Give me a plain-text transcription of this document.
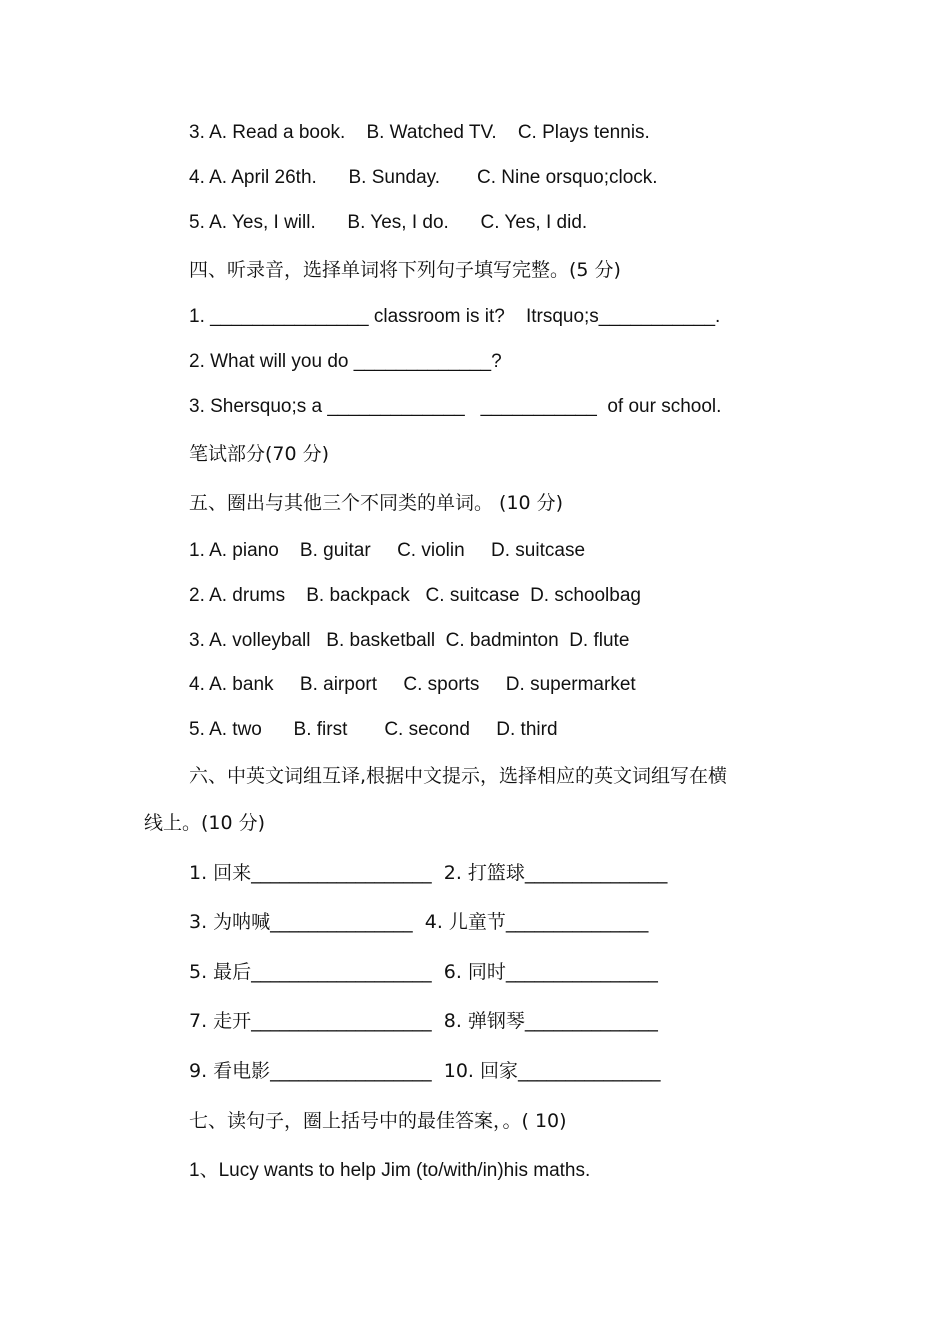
3. A. Read a book.    B. Watched TV.    C. Plays tennis.
4. A. April 26th.      B. Sunday.       C. Nine orsquo;clock.
5. A. Yes, I will.      B. Yes, I do.      C. Yes, I did.
四、听录音，选择单词将下列句子填写完整。(5 分)
1. _______________ classroom is it?    Itrsquo;s___________.
2. What will you do _____________?
3. Shersquo;s a _____________   ___________  of our school.
笔试部分(70 分)
五、圈出与其他三个不同类的单词。 (10 分)
1. A. piano    B. guitar     C. violin     D. suitcase
2. A. drums    B. backpack   C. suitcase  D. schoolbag
3. A. volleyball   B. basketball  C. badminton  D. flute
4. A. bank     B. airport     C. sports     D. supermarket
5. A. two      B. first       C. second     D. third
六、中英文词组互译,根据中文提示，选择相应的英文词组写在横
线上。(10 分)
1. 回来___________________  2. 打篮球_______________
3. 为呐喊_______________  4. 儿童节_______________
5. 最后___________________  6. 同时________________
7. 走开___________________  8. 弹钢琴______________
9. 看电影_________________  10. 回家_______________
七、读句子，圈上括号中的最佳答案，。( 10)
1、Lucy wants to help Jim (to/with/in)his maths.
